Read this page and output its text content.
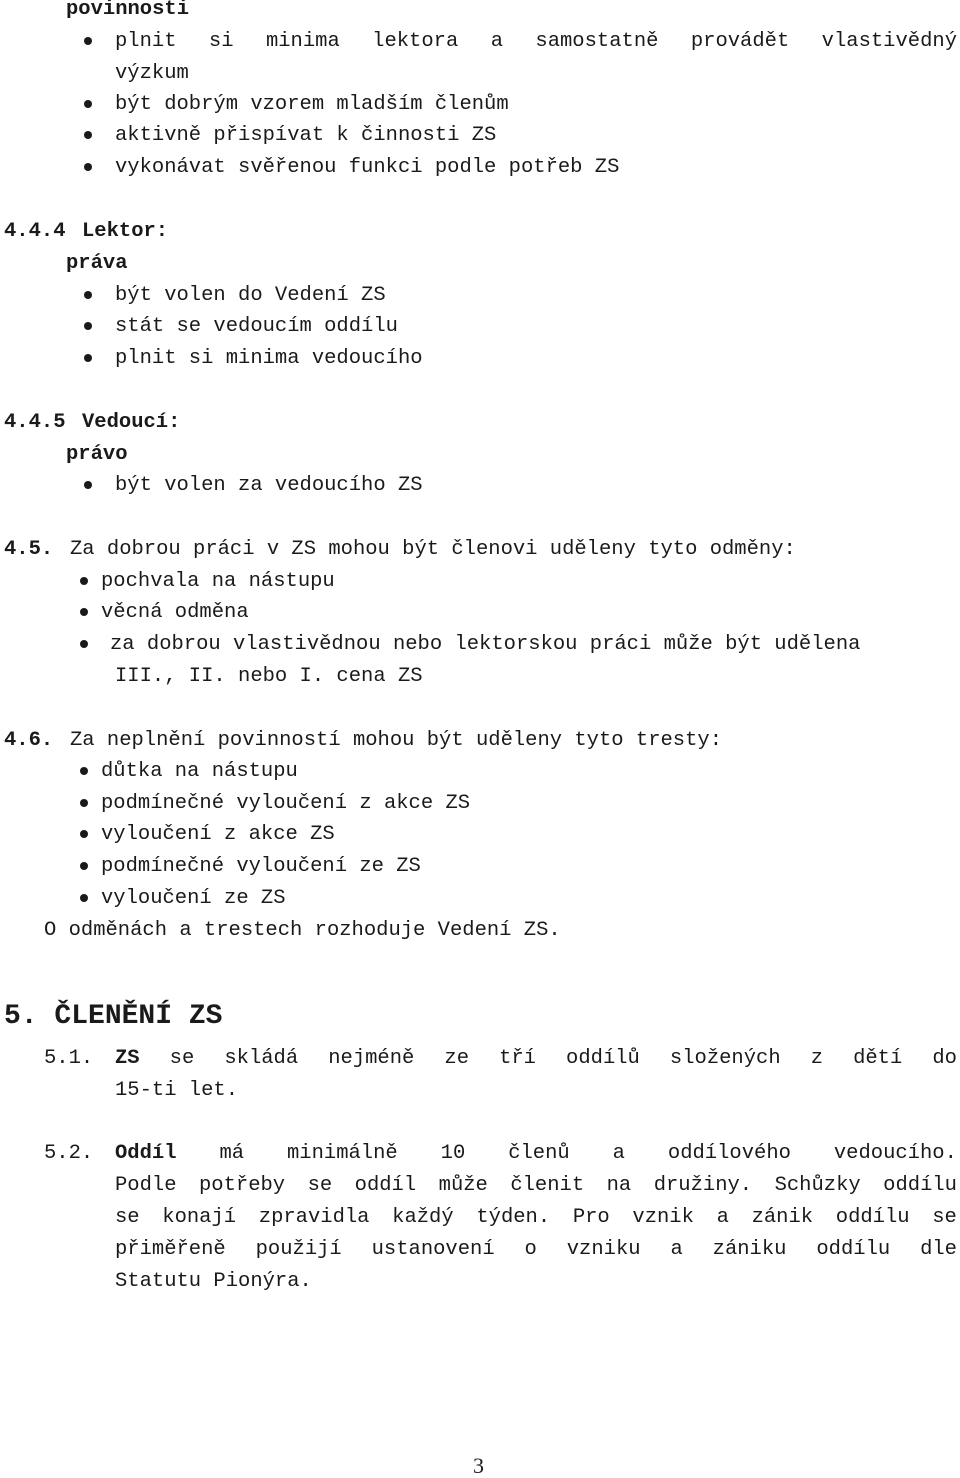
povinnosti
plnit si minima lektora a samostatně provádět vlastivědný
výzkum
být dobrým vzorem mladším členům
aktivně přispívat k činnosti ZS
vykonávat svěřenou funkci podle potřeb ZS
4.4.4 Lektor:
práva
být volen do Vedení ZS
stát se vedoucím oddílu
plnit si minima vedoucího
4.4.5 Vedoucí:
právo
být volen za vedoucího ZS
4.5. Za dobrou práci v ZS mohou být členovi uděleny tyto odměny:
pochvala na nástupu
věcná odměna
za dobrou vlastivědnou nebo lektorskou práci může být udělena
III., II. nebo I. cena ZS
4.6. Za neplnění povinností mohou být uděleny tyto tresty:
důtka na nástupu
podmínečné vyloučení z akce ZS
vyloučení z akce ZS
podmínečné vyloučení ze ZS
vyloučení ze ZS
O odměnách a trestech rozhoduje Vedení ZS.
5. ČLENĚNÍ ZS
5.1. ZS se skládá nejméně ze tří oddílů složených z dětí do
15-ti let.
5.2. Oddíl má minimálně 10 členů a oddílového vedoucího.
Podle potřeby se oddíl může členit na družiny. Schůzky oddílu
se konají zpravidla každý týden. Pro vznik a zánik oddílu se
přiměřeně použijí ustanovení o vzniku a zániku oddílu dle
Statutu Pionýra.
3
